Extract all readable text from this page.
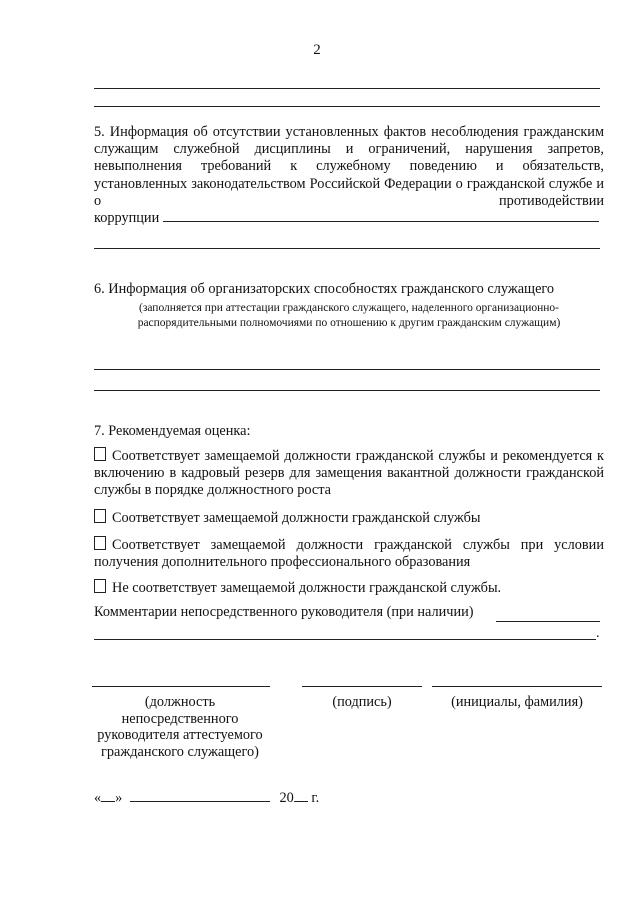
2
5. Информация об отсутствии установленных фактов несоблюдения гражданским служащим служебной дисциплины и ограничений, нарушения запретов, невыполнения требований к служебному поведению и обязательств, установленных законодательством Российской Федерации о гражданской службе и о противодействии
коррупции
6. Информация об организаторских способностях гражданского служащего
(заполняется при аттестации гражданского служащего, наделенного организационно-распорядительными полномочиями по отношению к другим гражданским служащим)
7. Рекомендуемая оценка:
Соответствует замещаемой должности гражданской службы и рекомендуется к включению в кадровый резерв для замещения вакантной должности гражданской службы в порядке должностного роста
Соответствует замещаемой должности гражданской службы
Соответствует замещаемой должности гражданской службы при условии получения дополнительного профессионального образования
Не соответствует замещаемой должности гражданской службы.
Комментарии непосредственного руководителя (при наличии)
.
(должность непосредственного руководителя аттестуемого гражданского служащего)
(подпись)	(инициалы, фамилия)
« »	20 г.
